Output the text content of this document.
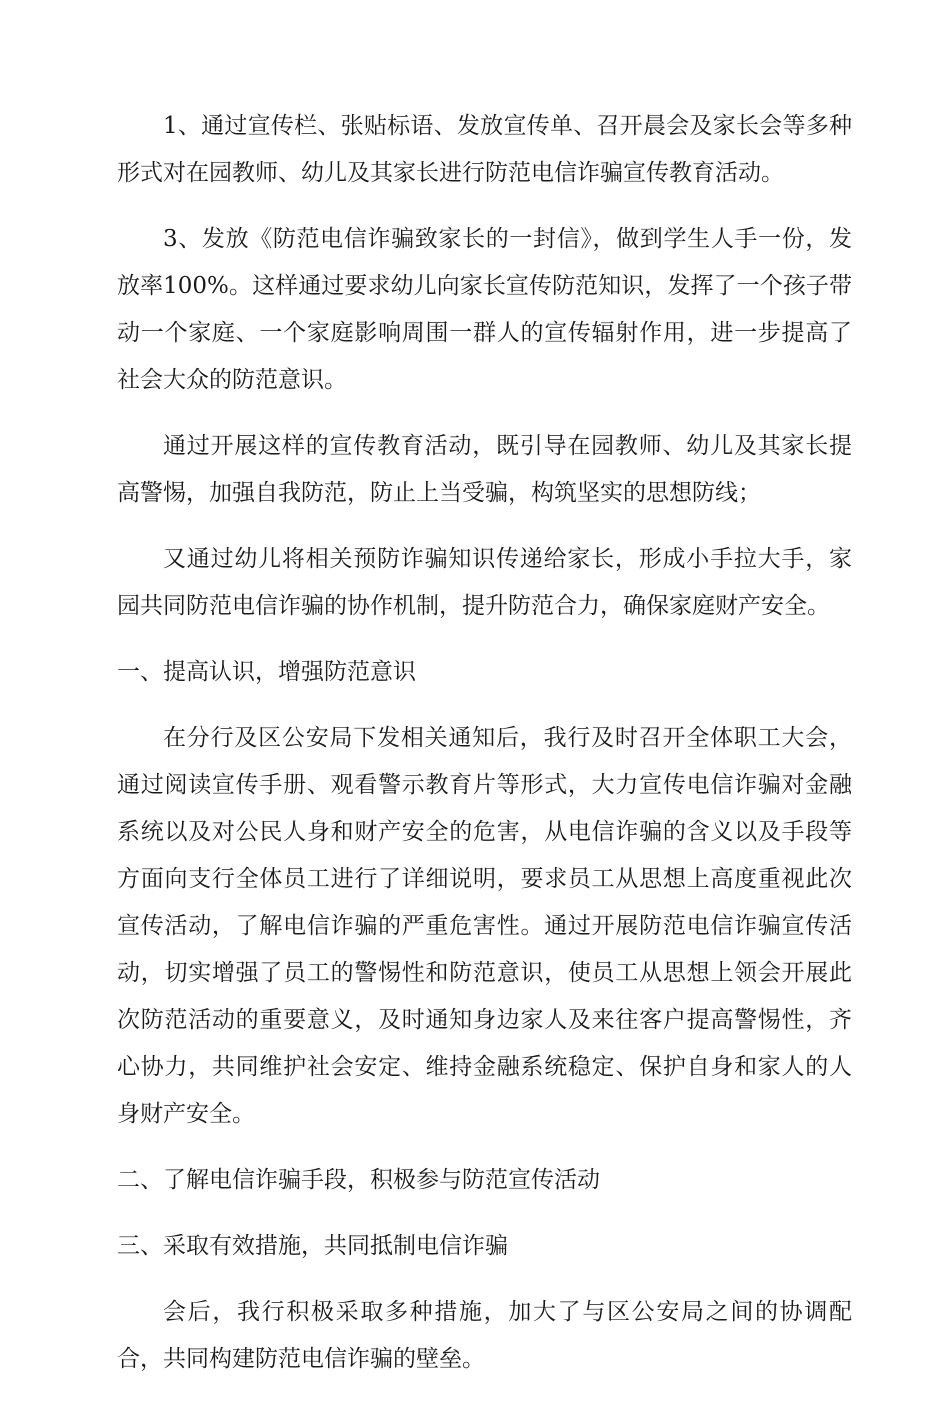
1、通过宣传栏、张贴标语、发放宣传单、召开晨会及家长会等多种形式对在园教师、幼儿及其家长进行防范电信诈骗宣传教育活动。

3、发放《防范电信诈骗致家长的一封信》，做到学生人手一份，发放率100%。这样通过要求幼儿向家长宣传防范知识，发挥了一个孩子带动一个家庭、一个家庭影响周围一群人的宣传辐射作用，进一步提高了社会大众的防范意识。

通过开展这样的宣传教育活动，既引导在园教师、幼儿及其家长提高警惕，加强自我防范，防止上当受骗，构筑坚实的思想防线；

又通过幼儿将相关预防诈骗知识传递给家长，形成小手拉大手，家园共同防范电信诈骗的协作机制，提升防范合力，确保家庭财产安全。

一、提高认识，增强防范意识

在分行及区公安局下发相关通知后，我行及时召开全体职工大会，通过阅读宣传手册、观看警示教育片等形式，大力宣传电信诈骗对金融系统以及对公民人身和财产安全的危害，从电信诈骗的含义以及手段等方面向支行全体员工进行了详细说明，要求员工从思想上高度重视此次宣传活动，了解电信诈骗的严重危害性。通过开展防范电信诈骗宣传活动，切实增强了员工的警惕性和防范意识，使员工从思想上领会开展此次防范活动的重要意义，及时通知身边家人及来往客户提高警惕性，齐心协力，共同维护社会安定、维持金融系统稳定、保护自身和家人的人身财产安全。

二、了解电信诈骗手段，积极参与防范宣传活动

三、采取有效措施，共同抵制电信诈骗

会后，我行积极采取多种措施，加大了与区公安局之间的协调配合，共同构建防范电信诈骗的壁垒。
